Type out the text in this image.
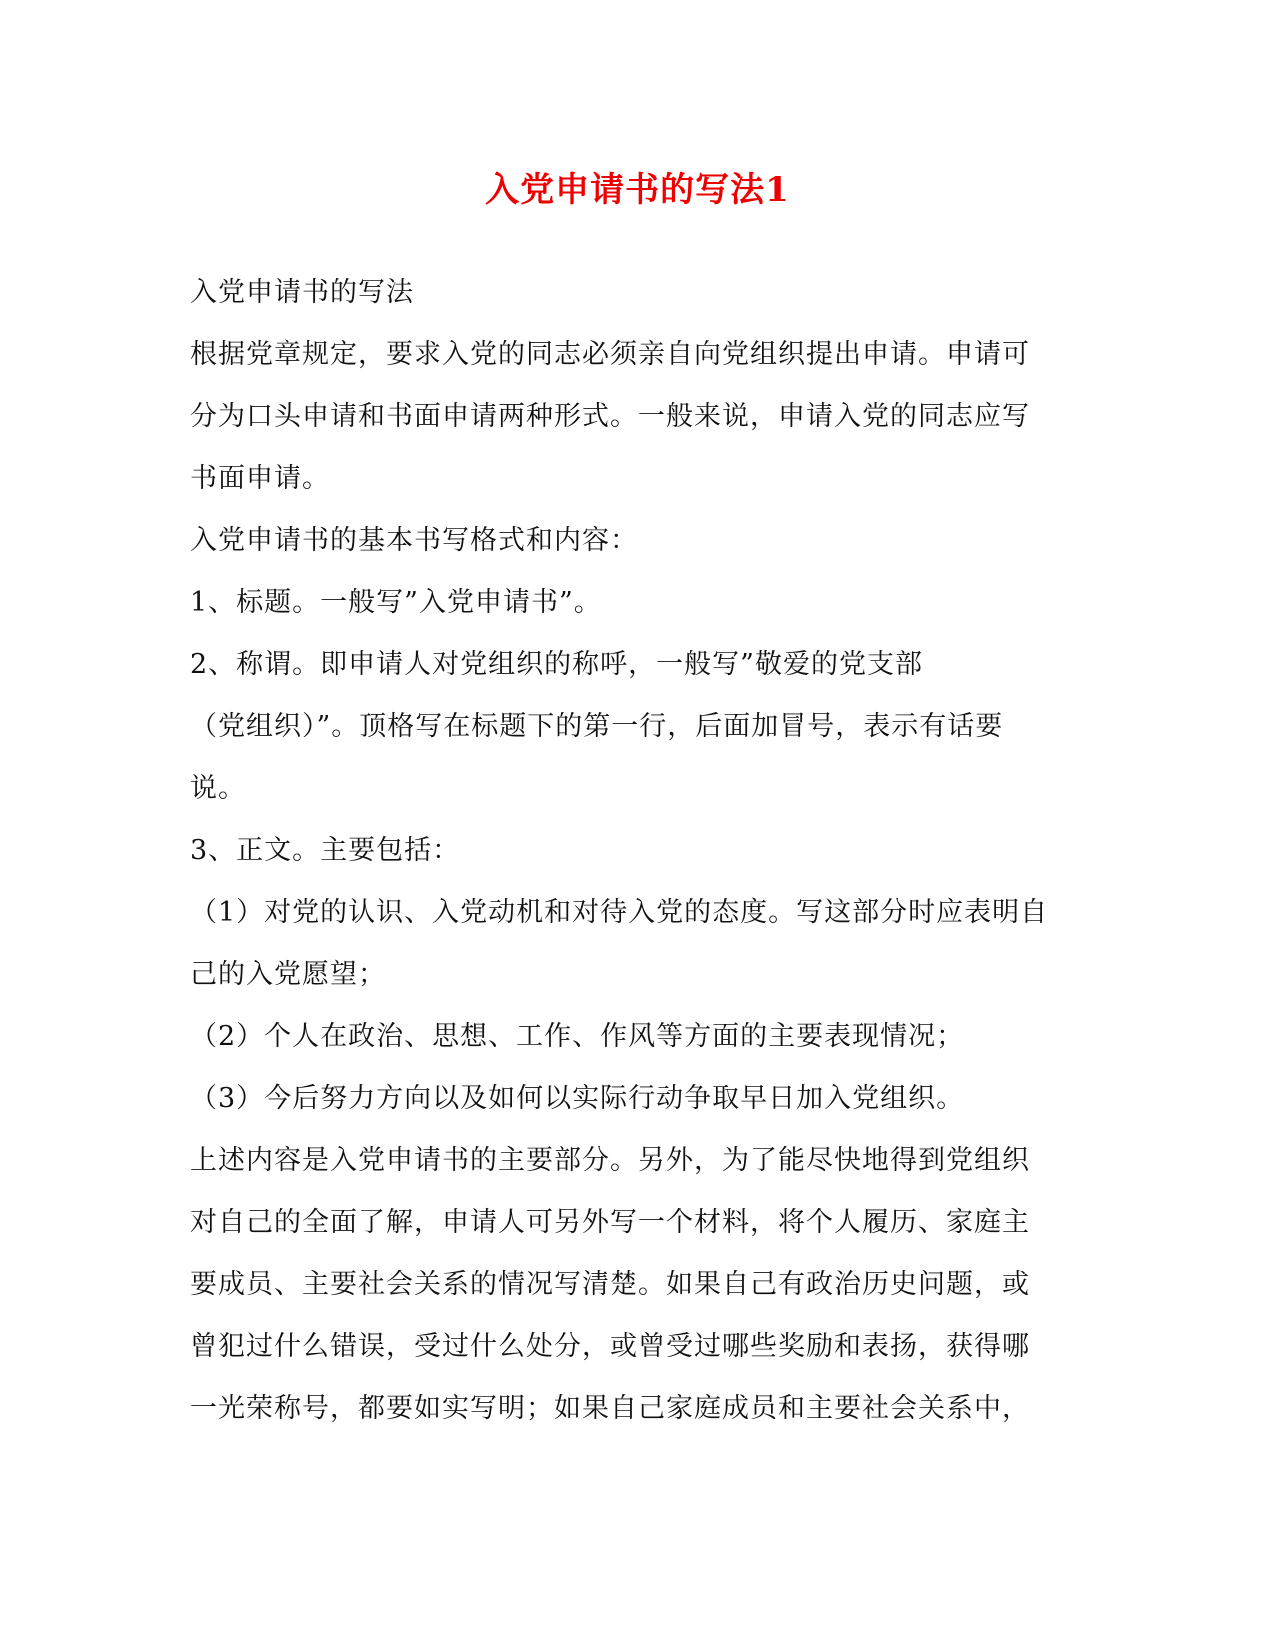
入党申请书的写法1
入党申请书的写法
根据党章规定，要求入党的同志必须亲自向党组织提出申请。申请可
分为口头申请和书面申请两种形式。一般来说，申请入党的同志应写
书面申请。
入党申请书的基本书写格式和内容：
1、标题。一般写”入党申请书”。
2、称谓。即申请人对党组织的称呼，一般写”敬爱的党支部
（党组织）”。顶格写在标题下的第一行，后面加冒号，表示有话要
说。
3、正文。主要包括：
（1）对党的认识、入党动机和对待入党的态度。写这部分时应表明自
己的入党愿望；
（2）个人在政治、思想、工作、作风等方面的主要表现情况；
（3）今后努力方向以及如何以实际行动争取早日加入党组织。
上述内容是入党申请书的主要部分。另外，为了能尽快地得到党组织
对自己的全面了解，申请人可另外写一个材料，将个人履历、家庭主
要成员、主要社会关系的情况写清楚。如果自己有政治历史问题，或
曾犯过什么错误，受过什么处分，或曾受过哪些奖励和表扬，获得哪
一光荣称号，都要如实写明；如果自己家庭成员和主要社会关系中，
